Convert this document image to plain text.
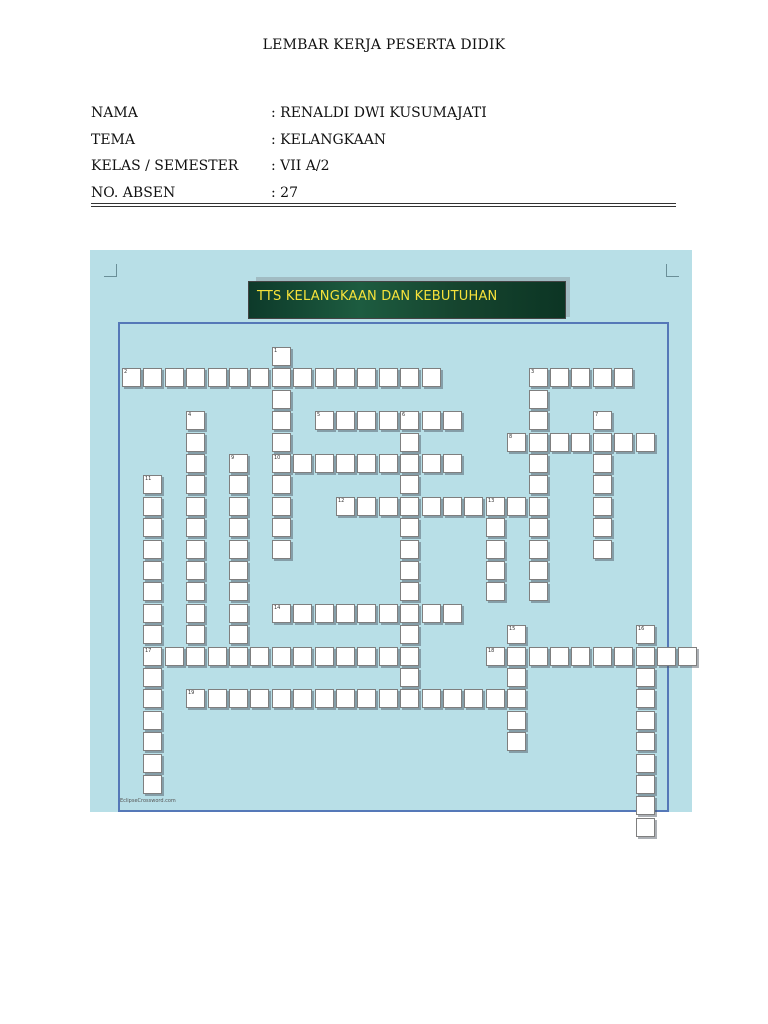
LEMBAR KERJA PESERTA DIDIK
NAMA	: RENALDI DWI KUSUMAJATI
TEMA	: KELANGKAAN
KELAS / SEMESTER : VII A/2
NO. ABSEN	: 27
TTS KELANGKAAN DAN KEBUTUHAN
1
10
2	3
4	5	6	7
8
9
11
17
12	13
14
15	16
18
19
EclipseCrossword.com
